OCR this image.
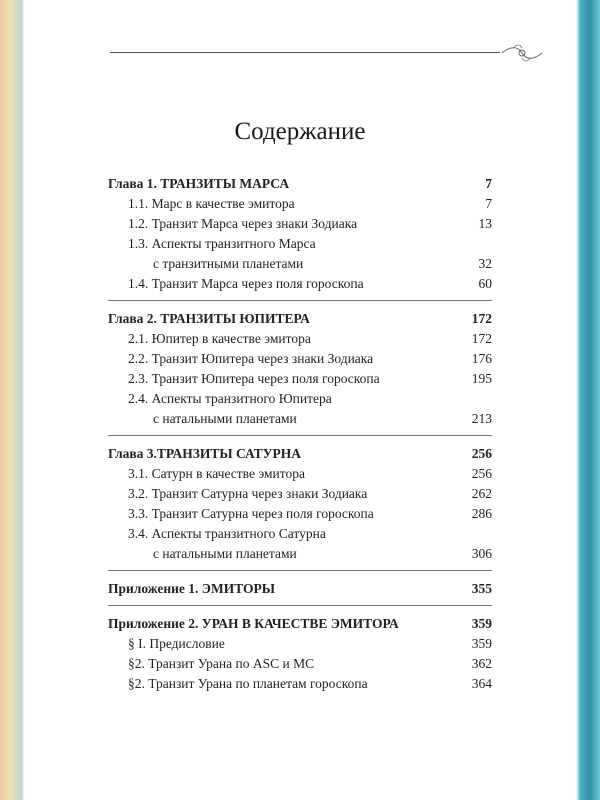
Содержание
Глава 1. ТРАНЗИТЫ МАРСА	7
1.1. Марс в качестве эмитора	7
1.2. Транзит Марса через знаки Зодиака	13
1.3. Аспекты транзитного Марса
с транзитными планетами	32
1.4. Транзит Марса через поля гороскопа	60
Глава 2. ТРАНЗИТЫ ЮПИТЕРА	172
2.1. Юпитер в качестве эмитора	172
2.2. Транзит Юпитера через знаки Зодиака	176
2.3. Транзит Юпитера через поля гороскопа	195
2.4. Аспекты транзитного Юпитера
с натальными планетами	213
Глава 3.ТРАНЗИТЫ САТУРНА	256
3.1. Сатурн в качестве эмитора	256
3.2. Транзит Сатурна через знаки Зодиака	262
3.3. Транзит Сатурна через поля гороскопа	286
3.4. Аспекты транзитного Сатурна
с натальными планетами	306
Приложение 1. ЭМИТОРЫ	355
Приложение 2. УРАН В КАЧЕСТВЕ ЭМИТОРА	359
§ I. Предисловие	359
§2. Транзит Урана по ASC и MC	362
§2. Транзит Урана по планетам гороскопа	364
